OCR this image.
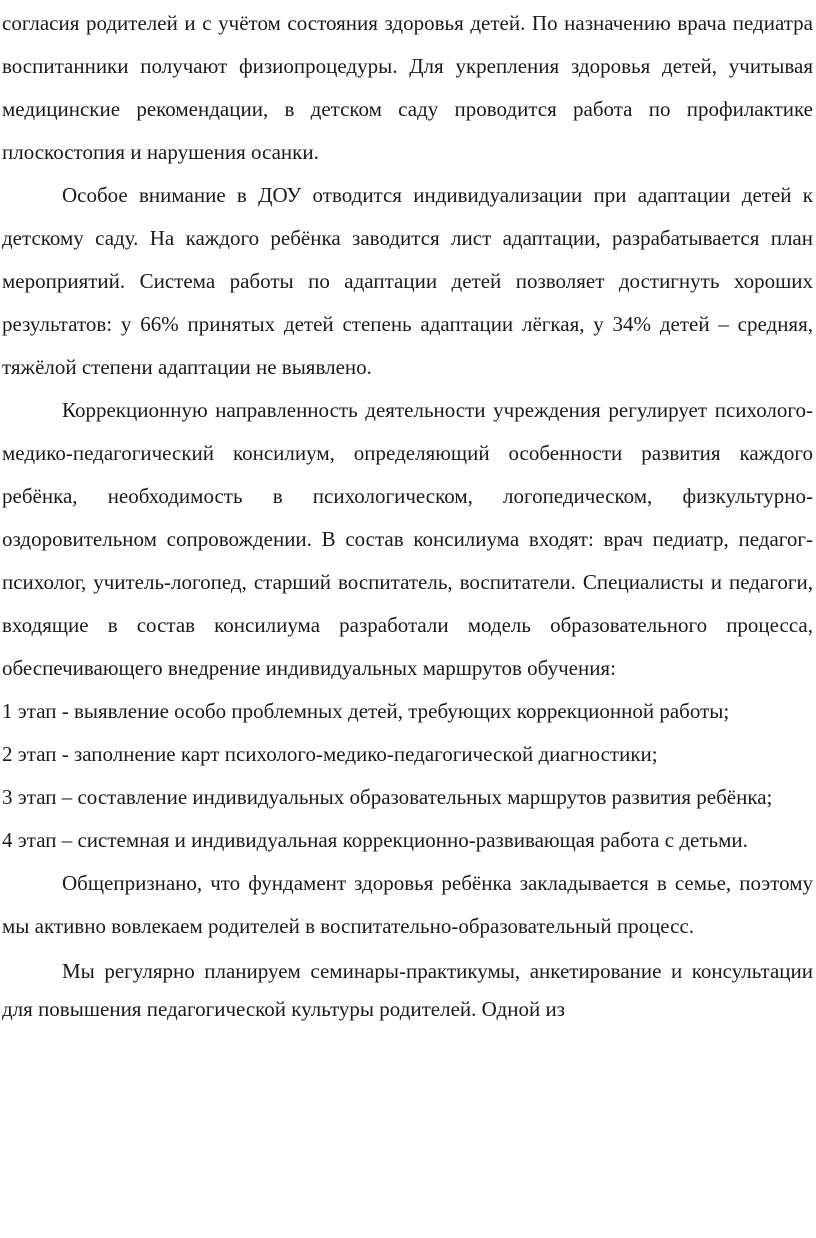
согласия родителей и с учётом состояния здоровья детей. По назначению врача педиатра воспитанники получают физиопроцедуры. Для укрепления здоровья детей, учитывая медицинские рекомендации, в детском саду проводится работа по профилактике плоскостопия и нарушения осанки.

Особое внимание в ДОУ отводится индивидуализации при адаптации детей к детскому саду. На каждого ребёнка заводится лист адаптации, разрабатывается план мероприятий. Система работы по адаптации детей позволяет достигнуть хороших результатов: у 66% принятых детей степень адаптации лёгкая, у 34% детей – средняя, тяжёлой степени адаптации не выявлено.

Коррекционную направленность деятельности учреждения регулирует психолого-медико-педагогический консилиум, определяющий особенности развития каждого ребёнка, необходимость в психологическом, логопедическом, физкультурно-оздоровительном сопровождении. В состав консилиума входят: врач педиатр, педагог-психолог, учитель-логопед, старший воспитатель, воспитатели. Специалисты и педагоги, входящие в состав консилиума разработали модель образовательного процесса, обеспечивающего внедрение индивидуальных маршрутов обучения:

1 этап - выявление особо проблемных детей, требующих коррекционной работы;
2 этап - заполнение карт психолого-медико-педагогической диагностики;
3 этап – составление индивидуальных образовательных маршрутов развития ребёнка;
4 этап – системная и индивидуальная коррекционно-развивающая работа с детьми.

Общепризнано, что фундамент здоровья ребёнка закладывается в семье, поэтому мы активно вовлекаем родителей в воспитательно-образовательный процесс.

Мы регулярно планируем семинары-практикумы, анкетирование и консультации для повышения педагогической культуры родителей. Одной из
